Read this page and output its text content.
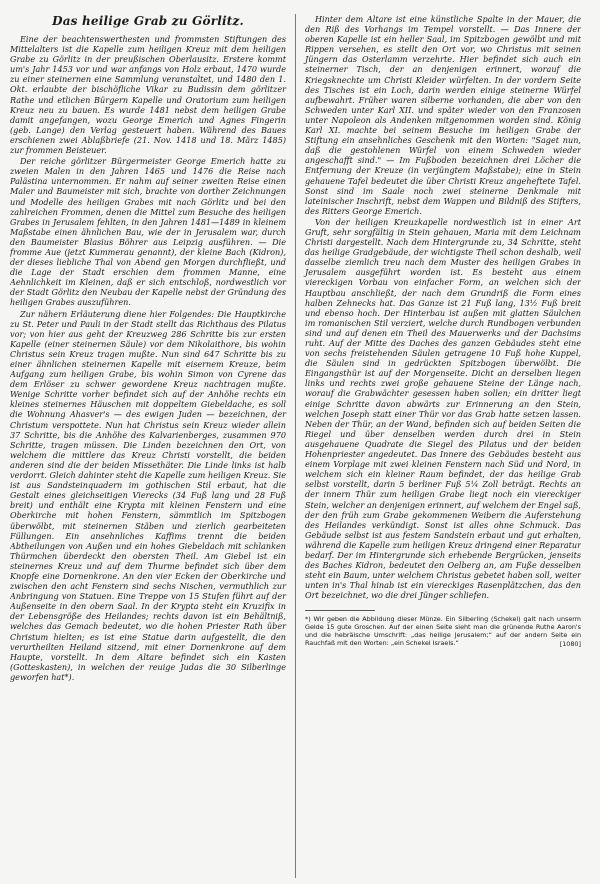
Das heilige Grab zu Görlitz.

Eine der beachtenswerthesten und frommsten Stiftungen des Mittelalters ist die Kapelle zum heiligen Kreuz mit dem heiligen Grabe zu Görlitz in der preußischen Oberlausitz. Erstere kommt um's Jahr 1453 vor und war anfangs von Holz erbaut, 1470 wurde zu einer steinernen eine Sammlung veranstaltet, und 1480 den 1. Okt. erlaubte der bischöfliche Vikar zu Budissin dem görlitzer Rathe und etlichen Bürgern Kapelle und Oratorium zum heiligen Kreuz neu zu bauen. Es wurde 1481 nebst dem heiligen Grabe damit angefangen, wozu George Emerich und Agnes Fingerin (geb. Lange) den Verlag gesteuert haben. Während des Baues erschienen zwei Ablaßbriefe (21. Nov. 1418 und 18. März 1485) zur frommen Beisteuer.

Der reiche görlitzer Bürgermeister George Emerich hatte zu zweien Malen in den Jahren 1465 und 1476 die Reise nach Palästina unternommen. Er nahm auf seiner zweiten Reise einen Maler und Baumeister mit sich, brachte von dorther Zeichnungen und Modelle des heiligen Grabes mit nach Görlitz und bei den zahlreichen Frommen, denen die Mittel zum Besuche des heiligen Grabes in Jerusalem fehlten, in den Jahren 1481—1489 in kleinem Maßstabe einen ähnlichen Bau, wie der in Jerusalem war, durch den Baumeister Blasius Böhrer aus Leipzig ausführen. — Die fromme Aue (jetzt Kummerau genannt), der kleine Bach (Kidron), der dieses liebliche Thal von Abend gen Morgen durchfließt, und die Lage der Stadt erschien dem frommen Manne, eine Aehnlichkeit im Kleinen, daß er sich entschloß, nordwestlich vor der Stadt Görlitz den Neubau der Kapelle nebst der Gründung des heiligen Grabes auszuführen.

Zur nähern Erläuterung diene hier Folgendes: Die Hauptkirche zu St. Peter und Pauli in der Stadt stellt das Richthaus des Pilatus vor; von hier aus geht der Kreuzweg 286 Schritte bis zur ersten Kapelle (einer steinernen Säule) vor dem Nikolaithore, bis wohin Christus sein Kreuz tragen mußte. Nun sind 647 Schritte bis zu einer ähnlichen steinernen Kapelle mit eisernem Kreuze, beim Aufgang zum heiligen Grabe, bis wohin Simon von Cyrene das dem Erlöser zu schwer gewordene Kreuz nachtragen mußte. Wenige Schritte vorher befindet sich auf der Anhöhe rechts ein kleines steinernes Häuschen mit doppeltem Giebeldache, es soll die Wohnung Ahasver's — des ewigen Juden — bezeichnen, der Christum verspottete. Nun hat Christus sein Kreuz wieder allein 37 Schritte, bis die Anhöhe des Kalvarienberges, zusammen 970 Schritte, tragen müssen. Die Linden bezeichnen den Ort, von welchem die mittlere das Kreuz Christi vorstellt, die beiden anderen sind die der beiden Missethäter. Die Linde links ist halb verdorrt. Gleich dahinter steht die Kapelle zum heiligen Kreuz. Sie ist aus Sandsteinquadern im gothischen Stil erbaut, hat die Gestalt eines gleichseitigen Vierecks (34 Fuß lang und 28 Fuß breit) und enthält eine Krypta mit kleinen Fenstern und eine Oberkirche mit hohen Fenstern, sämmtlich im Spitzbogen überwölbt, mit steinernen Stäben und zierlich gearbeiteten Füllungen. Ein ansehnliches Kaffims trennt die beiden Abtheilungen von Außen und ein hohes Giebeldach mit schlanken Thürmchen überdeckt den obersten Theil. Am Giebel ist ein steinernes Kreuz und auf dem Thurme befindet sich über dem Knopfe eine Dornenkrone. An den vier Ecken der Oberkirche und zwischen den acht Fenstern sind sechs Nischen, vermuthlich zur Anbringung von Statuen. Eine Treppe von 15 Stufen führt auf der Außenseite in den obern Saal. In der Krypta steht ein Kruzifix in der Lebensgröße des Heilandes; rechts davon ist ein Behältniß, welches das Gemach bedeutet, wo die hohen Priester Rath über Christum hielten; es ist eine Statue darin aufgestellt, die den verurtheilten Heiland sitzend, mit einer Dornenkrone auf dem Haupte, vorstellt. In dem Altare befindet sich ein Kasten (Gotteskasten), in welchen der reuige Judas die 30 Silberlinge geworfen hat*).

Hinter dem Altare ist eine künstliche Spalte in der Mauer, die den Riß des Vorhangs im Tempel vorstellt. — Das Innere der oberen Kapelle ist ein heller Saal, im Spitzbogen gewölbt und mit Rippen versehen, es stellt den Ort vor, wo Christus mit seinen Jüngern das Osterlamm verzehrte. Hier befindet sich auch ein steinerner Tisch, der an denjenigen erinnert, worauf die Kriegsknechte um Christi Kleider würfelten. In der vordern Seite des Tisches ist ein Loch, darin werden einige steinerne Würfel aufbewahrt. Früher waren silberne vorhanden, die aber von den Schweden unter Karl XII. und später wieder von den Franzosen unter Napoleon als Andenken mitgenommen worden sind. König Karl XI. machte bei seinem Besuche im heiligen Grabe der Stiftung ein ansehnliches Geschenk mit den Worten: "Saget nun, daß die gestohlenen Würfel von einem Schweden wieder angeschafft sind." — Im Fußboden bezeichnen drei Löcher die Entfernung der Kreuze (in verjüngtem Maßstabe); eine in Stein gehauene Tafel bedeutet die über Christi Kreuz angeheftete Tafel. Sonst sind im Saale noch zwei steinerne Denkmale mit lateinischer Inschrift, nebst dem Wappen und Bildniß des Stifters, des Ritters George Emerich.

Von der heiligen Kreuzkapelle nordwestlich ist in einer Art Gruft, sehr sorgfältig in Stein gehauen, Maria mit dem Leichnam Christi dargestellt. Nach dem Hintergrunde zu, 34 Schritte, steht das heilige Gradgebäude, der wichtigste Theil schon deshalb, weil dasselbe ziemlich treu nach dem Muster des heiligen Grabes in Jerusalem ausgeführt worden ist. Es besteht aus einem viereckigen Vorbau von einfacher Form, an welchen sich der Hauptbau anschließt, der nach dem Grundriß die Form eines halben Zehnecks hat. Das Ganze ist 21 Fuß lang, 13½ Fuß breit und ebenso hoch. Der Hinterbau ist außen mit glatten Säulchen im romanischen Stil verziert, welche durch Rundbogen verbunden sind und auf denen ein Theil des Mauerwerks und der Dachsims ruht. Auf der Mitte des Daches des ganzen Gebäudes steht eine von sechs freistehenden Säulen getragene 10 Fuß hohe Kuppel, die Säulen sind in gedrückten Spitzbogen überwölbt. Die Eingangsthür ist auf der Morgenseite. Dicht an derselben liegen links und rechts zwei große gehauene Steine der Länge nach, worauf die Grabwächter gesessen haben sollen; ein dritter liegt einige Schritte davon abwärts zur Erinnerung an den Stein, welchen Joseph statt einer Thür vor das Grab hatte setzen lassen. Neben der Thür, an der Wand, befinden sich auf beiden Seiten die Riegel und über denselben werden durch drei in Stein ausgehauene Quadrate die Siegel des Pilatus und der beiden Hohenpriester angedeutet. Das Innere des Gebäudes besteht aus einem Vorplage mit zwei kleinen Fenstern nach Süd und Nord, in welchem sich ein kleiner Raum befindet, der das heilige Grab selbst vorstellt, darin 5 berliner Fuß 5¼ Zoll beträgt. Rechts an der innern Thür zum heiligen Grabe liegt noch ein viereckiger Stein, welcher an denjenigen erinnert, auf welchem der Engel saß, der den früh zum Grabe gekommenen Weibern die Auferstehung des Heilandes verkündigt. Sonst ist alles ohne Schmuck. Das Gebäude selbst ist aus festem Sandstein erbaut und gut erhalten, während die Kapelle zum heiligen Kreuz dringend einer Reparatur bedarf. Der im Hintergrunde sich erhebende Bergrücken, jenseits des Baches Kidron, bedeutet den Oelberg an, am Fuße desselben steht ein Baum, unter welchem Christus gebetet haben soll, weiter unten in's Thal hinab ist ein viereckiges Rasenplätzchen, das den Ort bezeichnet, wo die drei Jünger schliefen.

*) Wir geben die Abbildung dieser Münze. Ein Silberling (Schekel) galt nach unserm Gelde 15 gute Groschen. Auf der einen Seite sieht man die grünende Ruthe Aaron's und die hebräische Umschrift: „das heilige Jerusalem;“ auf der andern Seite ein Rauchfaß mit den Worten: „ein Schekel Israels.“	[1080]
